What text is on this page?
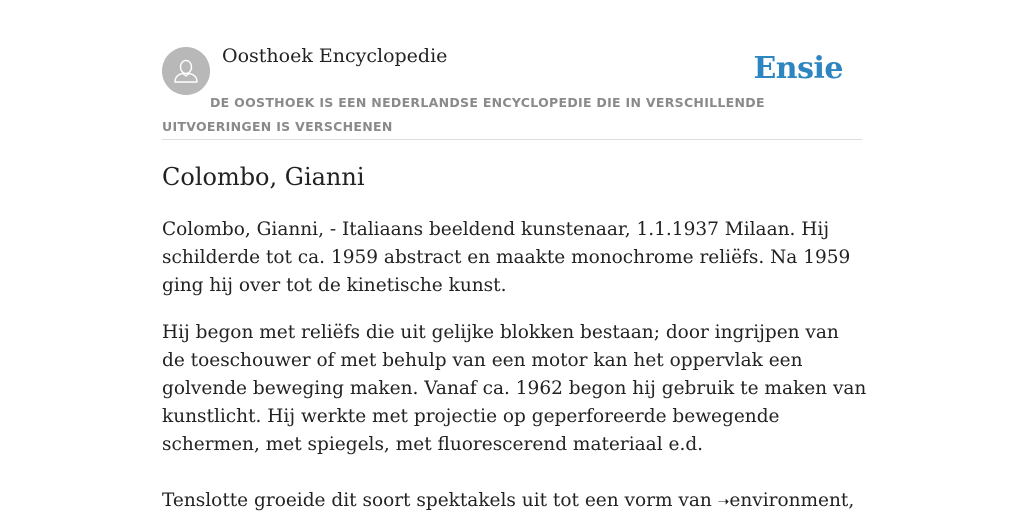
Oosthoek Encyclopedie	Ensie
DE OOSTHOEK IS EEN NEDERLANDSE ENCYCLOPEDIE DIE IN VERSCHILLENDE UITVOERINGEN IS VERSCHENEN
Colombo, Gianni

Colombo, Gianni, - Italiaans beeldend kunstenaar, 1.1.1937 Milaan. Hij schilderde tot ca. 1959 abstract en maakte monochrome reliëfs. Na 1959 ging hij over tot de kinetische kunst.

Hij begon met reliëfs die uit gelijke blokken bestaan; door ingrijpen van de toeschouwer of met behulp van een motor kan het oppervlak een golvende beweging maken. Vanaf ca. 1962 begon hij gebruik te maken van kunstlicht. Hij werkte met projectie op geperforeerde bewegende schermen, met spiegels, met fluorescerend materiaal e.d.

Tenslotte groeide dit soort spektakels uit tot een vorm van ➝environment,
